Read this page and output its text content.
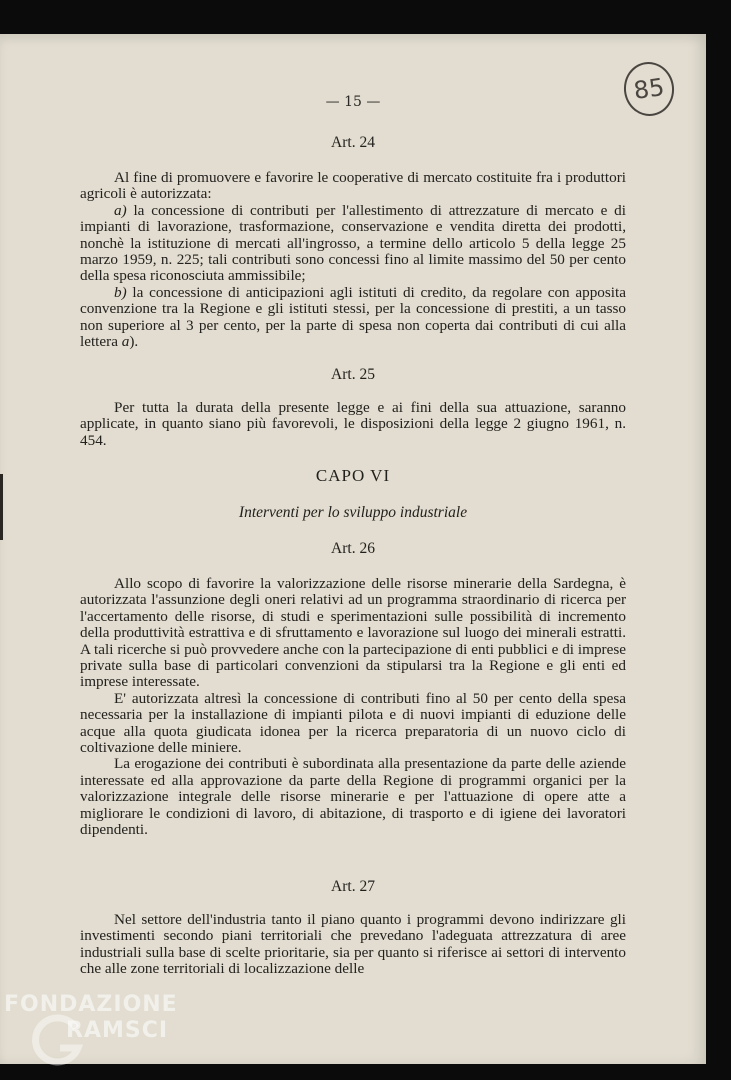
85
— 15 —
Art. 24

Al fine di promuovere e favorire le cooperative di mercato costituite fra i produttori agricoli è autorizzata:

a) la concessione di contributi per l'allestimento di attrezzature di mercato e di impianti di lavorazione, trasformazione, conservazione e vendita diretta dei prodotti, nonchè la istituzione di mercati all'ingrosso, a termine dello articolo 5 della legge 25 marzo 1959, n. 225; tali contributi sono concessi fino al limite massimo del 50 per cento della spesa riconosciuta ammissibile;

b) la concessione di anticipazioni agli istituti di credito, da regolare con apposita convenzione tra la Regione e gli istituti stessi, per la concessione di prestiti, a un tasso non superiore al 3 per cento, per la parte di spesa non coperta dai contributi di cui alla lettera a).

Art. 25

Per tutta la durata della presente legge e ai fini della sua attuazione, saranno applicate, in quanto siano più favorevoli, le disposizioni della legge 2 giugno 1961, n. 454.

CAPO VI
Interventi per lo sviluppo industriale
Art. 26

Allo scopo di favorire la valorizzazione delle risorse minerarie della Sardegna, è autorizzata l'assunzione degli oneri relativi ad un programma straordinario di ricerca per l'accertamento delle risorse, di studi e sperimentazioni sulle possibilità di incremento della produttività estrattiva e di sfruttamento e lavorazione sul luogo dei minerali estratti. A tali ricerche si può provvedere anche con la partecipazione di enti pubblici e di imprese private sulla base di particolari convenzioni da stipularsi tra la Regione e gli enti ed imprese interessate.

E' autorizzata altresì la concessione di contributi fino al 50 per cento della spesa necessaria per la installazione di impianti pilota e di nuovi impianti di eduzione delle acque alla quota giudicata idonea per la ricerca preparatoria di un nuovo ciclo di coltivazione delle miniere.

La erogazione dei contributi è subordinata alla presentazione da parte delle aziende interessate ed alla approvazione da parte della Regione di programmi organici per la valorizzazione integrale delle risorse minerarie e per l'attuazione di opere atte a migliorare le condizioni di lavoro, di abitazione, di trasporto e di igiene dei lavoratori dipendenti.

Art. 27

Nel settore dell'industria tanto il piano quanto i programmi devono indirizzare gli investimenti secondo piani territoriali che prevedano l'adeguata attrezzatura di aree industriali sulla base di scelte prioritarie, sia per quanto si riferisce ai settori di intervento che alle zone territoriali di localizzazione delle

FONDAZIONE
RAMSCI
